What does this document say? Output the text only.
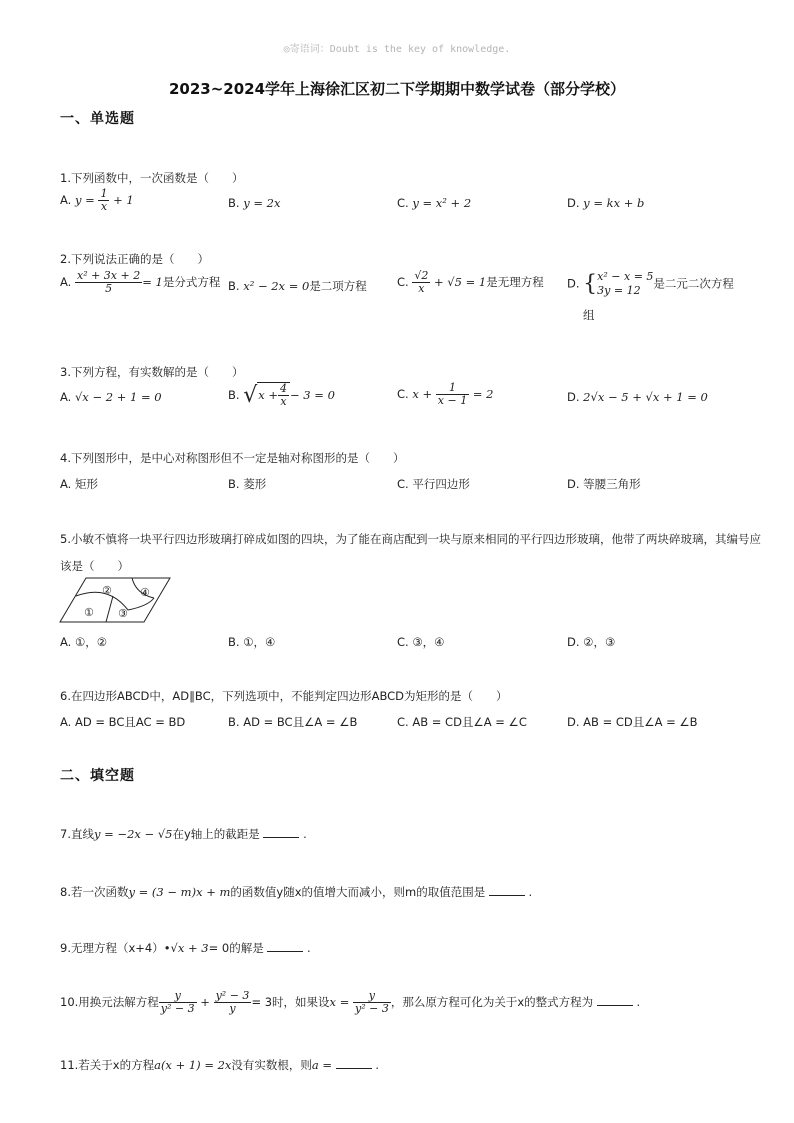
◎寄语词：Doubt is the key of knowledge.
2023~2024学年上海徐汇区初二下学期期中数学试卷（部分学校）
一、单选题
1.下列函数中，一次函数是（　　）
A. $y = \frac{1}{x} + 1$	B. y = 2x	C. y = x² + 2	D. y = kx + b
2.下列说法正确的是（　　）
A. $\frac{\text{x² + 3x + 2}}{5} = 1$是分式方程 B. x² − 2x = 0是二项方程	C. $\frac{√2}{x} + √5 = 1$是无理方程 D. { x² − x = 5
3y = 12	是二元二次方程
组
3.下列方程，有实数解的是（　　）
A. √x − 2 + 1 = 0	B. $√x + \frac{4}{x} - 3 = 0$	C. $x + \frac{1}{x - 1} = 2$	D. 2√x − 5 + √x + 1 = 0
4.下列图形中，是中心对称图形但不一定是轴对称图形的是（　　）
A. 矩形	B. 菱形	C. 平行四边形	D. 等腰三角形
5.小敏不慎将一块平行四边形玻璃打碎成如图的四块，为了能在商店配到一块与原来相同的平行四边形玻璃，他带了两块碎玻璃，其编号应
该是（　　）
①
②
③
④
A. ①，②	B. ①，④	C. ③，④	D. ②，③
6.在四边形ABCD中，AD∥BC，下列选项中，不能判定四边形ABCD为矩形的是（　　）
A. AD = BC且AC = BD	B. AD = BC且∠A = ∠B	C. AB = CD且∠A = ∠C	D. AB = CD且∠A = ∠B
二、填空题
7.直线y = −2x − √5在y轴上的截距是	.
8.若一次函数y = (3 − m)x + m的函数值y随x的值增大而减小，则m的取值范围是	.
9.无理方程（x+4）•√x + 3= 0的解是	.
10.用换元法解方程 $\frac{y}{\text{y² − 3}} + \frac{\text{y² − 3}}{y} = 3$时，如果设$x = \frac{y}{\text{y² − 3}}$ ，那么原方程可化为关于x的整式方程为	.
11.若关于x的方程a(x + 1) = 2x没有实数根，则a =	.
